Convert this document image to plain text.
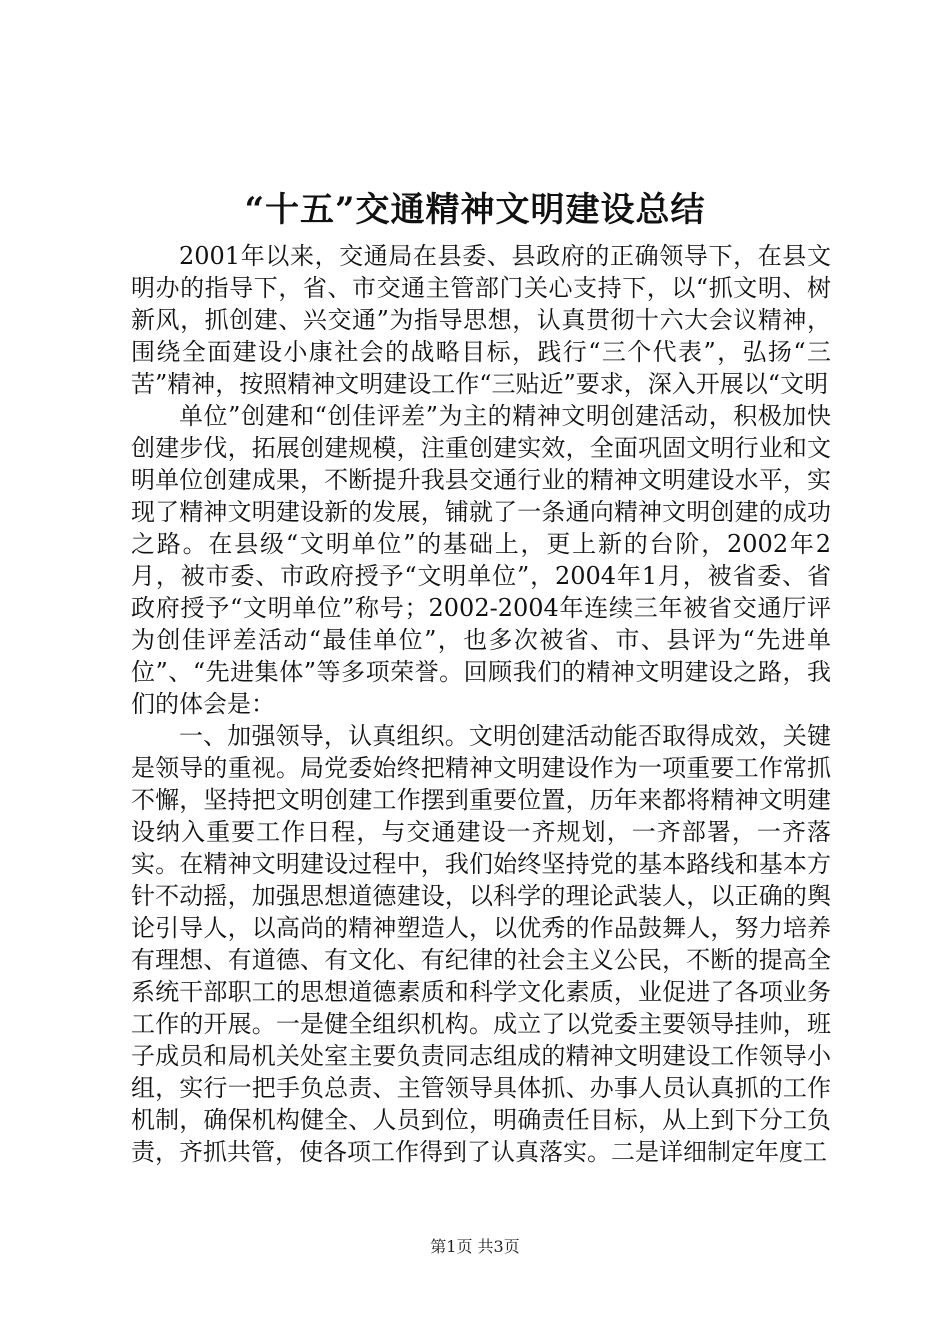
“十五”交通精神文明建设总结

2001年以来，交通局在县委、县政府的正确领导下，在县文明办的指导下，省、市交通主管部门关心支持下，以“抓文明、树新风，抓创建、兴交通”为指导思想，认真贯彻十六大会议精神，围绕全面建设小康社会的战略目标，践行“三个代表”，弘扬“三苦”精神，按照精神文明建设工作“三贴近”要求，深入开展以“文明

单位”创建和“创佳评差”为主的精神文明创建活动，积极加快创建步伐，拓展创建规模，注重创建实效，全面巩固文明行业和文明单位创建成果，不断提升我县交通行业的精神文明建设水平，实现了精神文明建设新的发展，铺就了一条通向精神文明创建的成功之路。在县级“文明单位”的基础上，更上新的台阶，2002年2月，被市委、市政府授予“文明单位”，2004年1月，被省委、省政府授予“文明单位”称号；2002-2004年连续三年被省交通厅评为创佳评差活动“最佳单位”，也多次被省、市、县评为“先进单位”、“先进集体”等多项荣誉。回顾我们的精神文明建设之路，我们的体会是：

一、加强领导，认真组织。文明创建活动能否取得成效，关键是领导的重视。局党委始终把精神文明建设作为一项重要工作常抓不懈，坚持把文明创建工作摆到重要位置，历年来都将精神文明建设纳入重要工作日程，与交通建设一齐规划，一齐部署，一齐落实。在精神文明建设过程中，我们始终坚持党的基本路线和基本方针不动摇，加强思想道德建设，以科学的理论武装人，以正确的舆论引导人，以高尚的精神塑造人，以优秀的作品鼓舞人，努力培养有理想、有道德、有文化、有纪律的社会主义公民，不断的提高全系统干部职工的思想道德素质和科学文化素质，业促进了各项业务工作的开展。一是健全组织机构。成立了以党委主要领导挂帅，班子成员和局机关处室主要负责同志组成的精神文明建设工作领导小组，实行一把手负总责、主管领导具体抓、办事人员认真抓的工作机制，确保机构健全、人员到位，明确责任目标，从上到下分工负责，齐抓共管，使各项工作得到了认真落实。二是详细制定年度工

第1页 共3页
